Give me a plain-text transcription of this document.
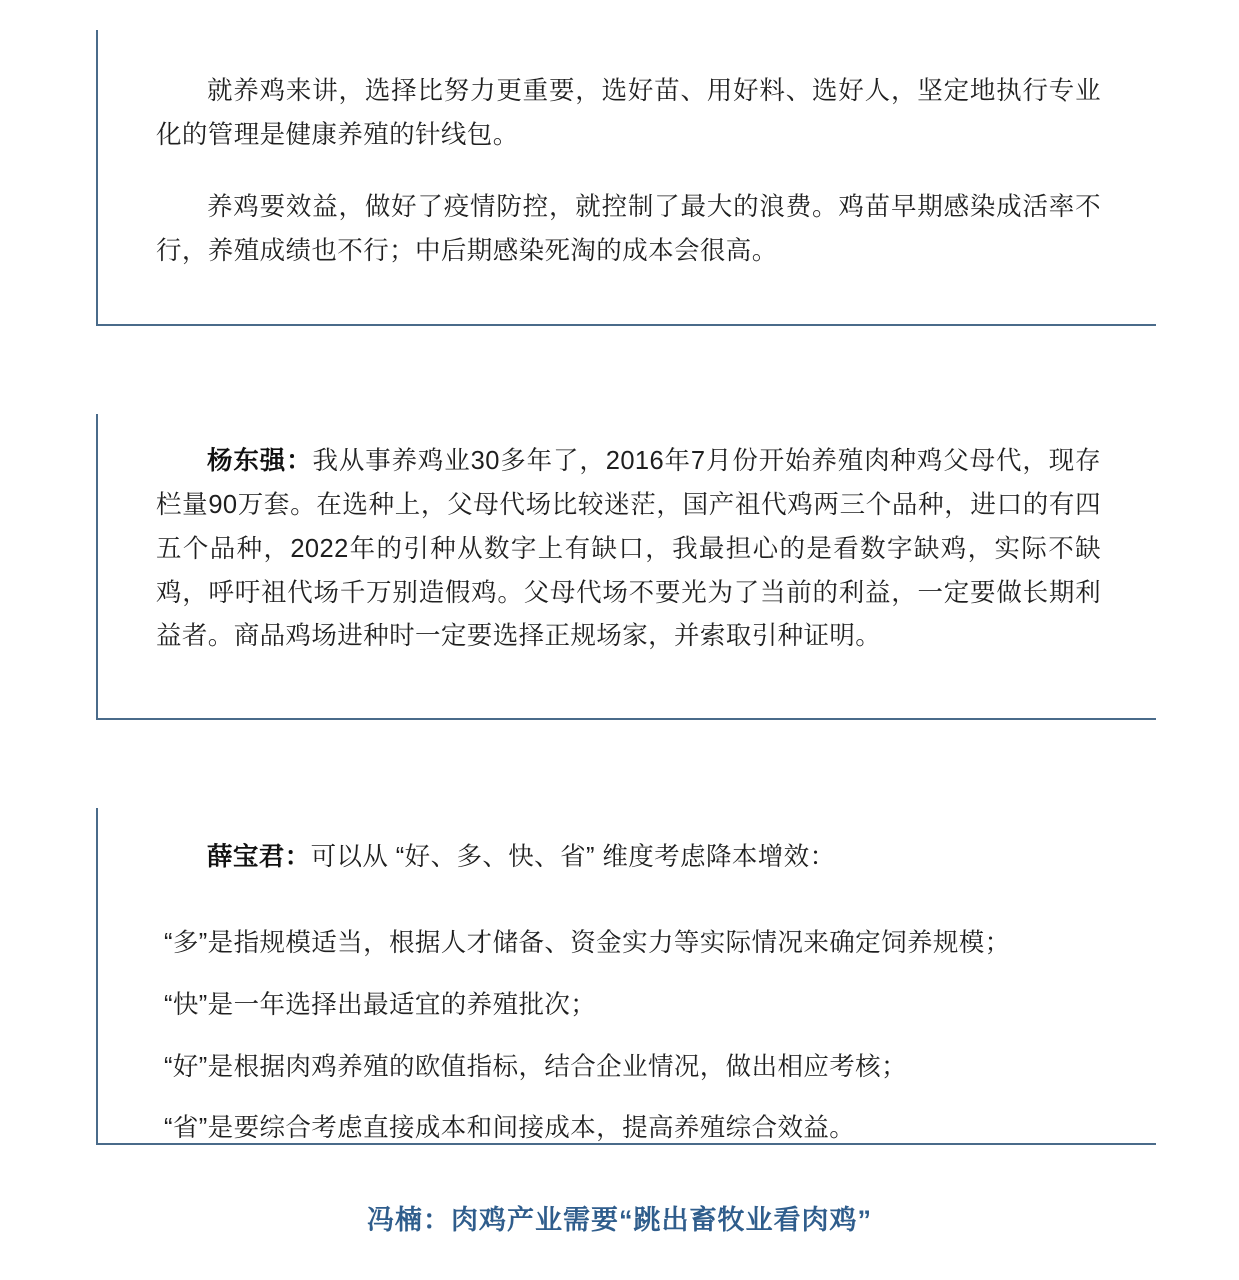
就养鸡来讲，选择比努力更重要，选好苗、用好料、选好人，坚定地执行专业化的管理是健康养殖的针线包。

养鸡要效益，做好了疫情防控，就控制了最大的浪费。鸡苗早期感染成活率不行，养殖成绩也不行；中后期感染死淘的成本会很高。

杨东强：我从事养鸡业30多年了，2016年7月份开始养殖肉种鸡父母代，现存栏量90万套。在选种上，父母代场比较迷茫，国产祖代鸡两三个品种，进口的有四五个品种，2022年的引种从数字上有缺口，我最担心的是看数字缺鸡，实际不缺鸡，呼吁祖代场千万别造假鸡。父母代场不要光为了当前的利益，一定要做长期利益者。商品鸡场进种时一定要选择正规场家，并索取引种证明。

薛宝君：可以从 “好、多、快、省” 维度考虑降本增效：

“多”是指规模适当，根据人才储备、资金实力等实际情况来确定饲养规模；
“快”是一年选择出最适宜的养殖批次；
“好”是根据肉鸡养殖的欧值指标，结合企业情况，做出相应考核；
“省”是要综合考虑直接成本和间接成本，提高养殖综合效益。
冯楠：肉鸡产业需要“跳出畜牧业看肉鸡”
